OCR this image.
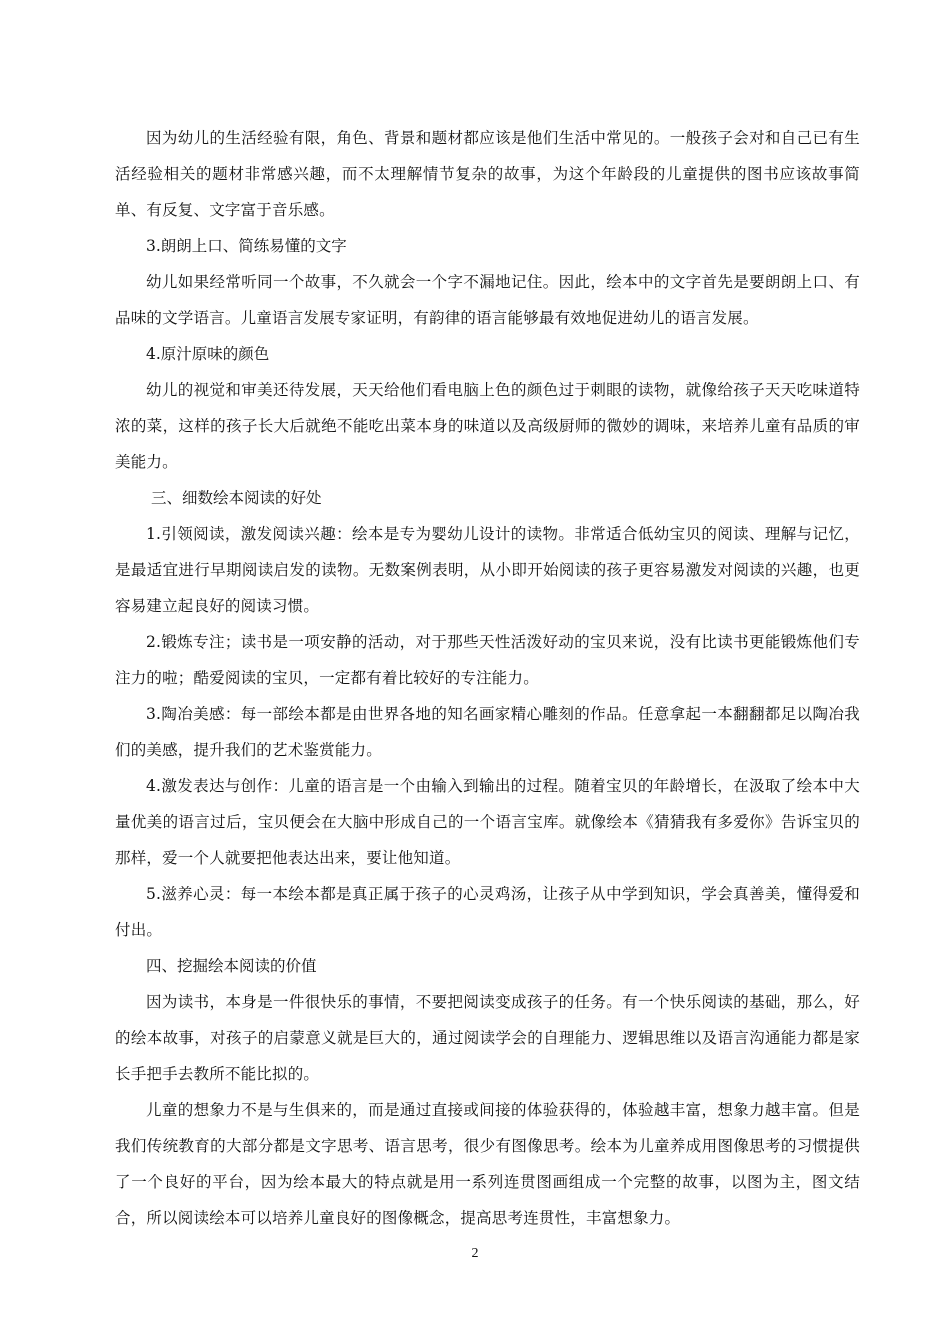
因为幼儿的生活经验有限，角色、背景和题材都应该是他们生活中常见的。一般孩子会对和自己已有生活经验相关的题材非常感兴趣，而不太理解情节复杂的故事，为这个年龄段的儿童提供的图书应该故事简单、有反复、文字富于音乐感。

3.朗朗上口、简练易懂的文字

幼儿如果经常听同一个故事，不久就会一个字不漏地记住。因此，绘本中的文字首先是要朗朗上口、有品味的文学语言。儿童语言发展专家证明，有韵律的语言能够最有效地促进幼儿的语言发展。

4.原汁原味的颜色

幼儿的视觉和审美还待发展，天天给他们看电脑上色的颜色过于刺眼的读物，就像给孩子天天吃味道特浓的菜，这样的孩子长大后就绝不能吃出菜本身的味道以及高级厨师的微妙的调味，来培养儿童有品质的审美能力。

三、细数绘本阅读的好处

1.引领阅读，激发阅读兴趣：绘本是专为婴幼儿设计的读物。非常适合低幼宝贝的阅读、理解与记忆，是最适宜进行早期阅读启发的读物。无数案例表明，从小即开始阅读的孩子更容易激发对阅读的兴趣，也更容易建立起良好的阅读习惯。

2.锻炼专注；读书是一项安静的活动，对于那些天性活泼好动的宝贝来说，没有比读书更能锻炼他们专注力的啦；酷爱阅读的宝贝，一定都有着比较好的专注能力。

3.陶冶美感：每一部绘本都是由世界各地的知名画家精心雕刻的作品。任意拿起一本翻翻都足以陶冶我们的美感，提升我们的艺术鉴赏能力。

4.激发表达与创作：儿童的语言是一个由输入到输出的过程。随着宝贝的年龄增长，在汲取了绘本中大量优美的语言过后，宝贝便会在大脑中形成自己的一个语言宝库。就像绘本《猜猜我有多爱你》告诉宝贝的那样，爱一个人就要把他表达出来，要让他知道。

5.滋养心灵：每一本绘本都是真正属于孩子的心灵鸡汤，让孩子从中学到知识，学会真善美，懂得爱和付出。

四、挖掘绘本阅读的价值

因为读书，本身是一件很快乐的事情，不要把阅读变成孩子的任务。有一个快乐阅读的基础，那么，好的绘本故事，对孩子的启蒙意义就是巨大的，通过阅读学会的自理能力、逻辑思维以及语言沟通能力都是家长手把手去教所不能比拟的。

儿童的想象力不是与生俱来的，而是通过直接或间接的体验获得的，体验越丰富，想象力越丰富。但是我们传统教育的大部分都是文字思考、语言思考，很少有图像思考。绘本为儿童养成用图像思考的习惯提供了一个良好的平台，因为绘本最大的特点就是用一系列连贯图画组成一个完整的故事，以图为主，图文结合，所以阅读绘本可以培养儿童良好的图像概念，提高思考连贯性，丰富想象力。

2
